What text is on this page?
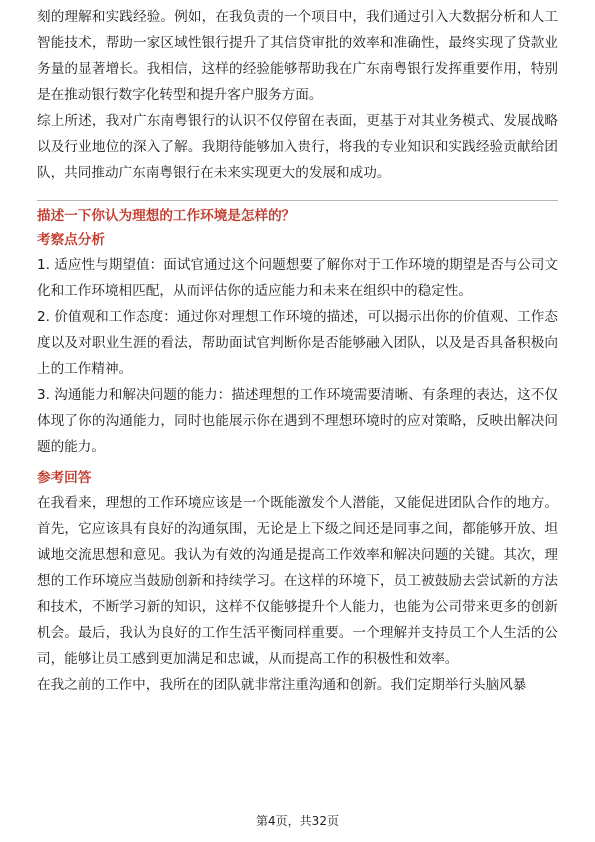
刻的理解和实践经验。例如，在我负责的一个项目中，我们通过引入大数据分析和人工智能技术，帮助一家区域性银行提升了其信贷审批的效率和准确性，最终实现了贷款业务量的显著增长。我相信，这样的经验能够帮助我在广东南粤银行发挥重要作用，特别是在推动银行数字化转型和提升客户服务方面。

综上所述，我对广东南粤银行的认识不仅停留在表面，更基于对其业务模式、发展战略以及行业地位的深入了解。我期待能够加入贵行，将我的专业知识和实践经验贡献给团队，共同推动广东南粤银行在未来实现更大的发展和成功。

描述一下你认为理想的工作环境是怎样的？
考察点分析

1. 适应性与期望值：面试官通过这个问题想要了解你对于工作环境的期望是否与公司文化和工作环境相匹配，从而评估你的适应能力和未来在组织中的稳定性。

2. 价值观和工作态度：通过你对理想工作环境的描述，可以揭示出你的价值观、工作态度以及对职业生涯的看法，帮助面试官判断你是否能够融入团队，以及是否具备积极向上的工作精神。

3. 沟通能力和解决问题的能力：描述理想的工作环境需要清晰、有条理的表达，这不仅体现了你的沟通能力，同时也能展示你在遇到不理想环境时的应对策略，反映出解决问题的能力。

参考回答

在我看来，理想的工作环境应该是一个既能激发个人潜能，又能促进团队合作的地方。首先，它应该具有良好的沟通氛围，无论是上下级之间还是同事之间，都能够开放、坦诚地交流思想和意见。我认为有效的沟通是提高工作效率和解决问题的关键。其次，理想的工作环境应当鼓励创新和持续学习。在这样的环境下，员工被鼓励去尝试新的方法和技术，不断学习新的知识，这样不仅能够提升个人能力，也能为公司带来更多的创新机会。最后，我认为良好的工作生活平衡同样重要。一个理解并支持员工个人生活的公司，能够让员工感到更加满足和忠诚，从而提高工作的积极性和效率。

在我之前的工作中，我所在的团队就非常注重沟通和创新。我们定期举行头脑风暴

第4页，共32页
